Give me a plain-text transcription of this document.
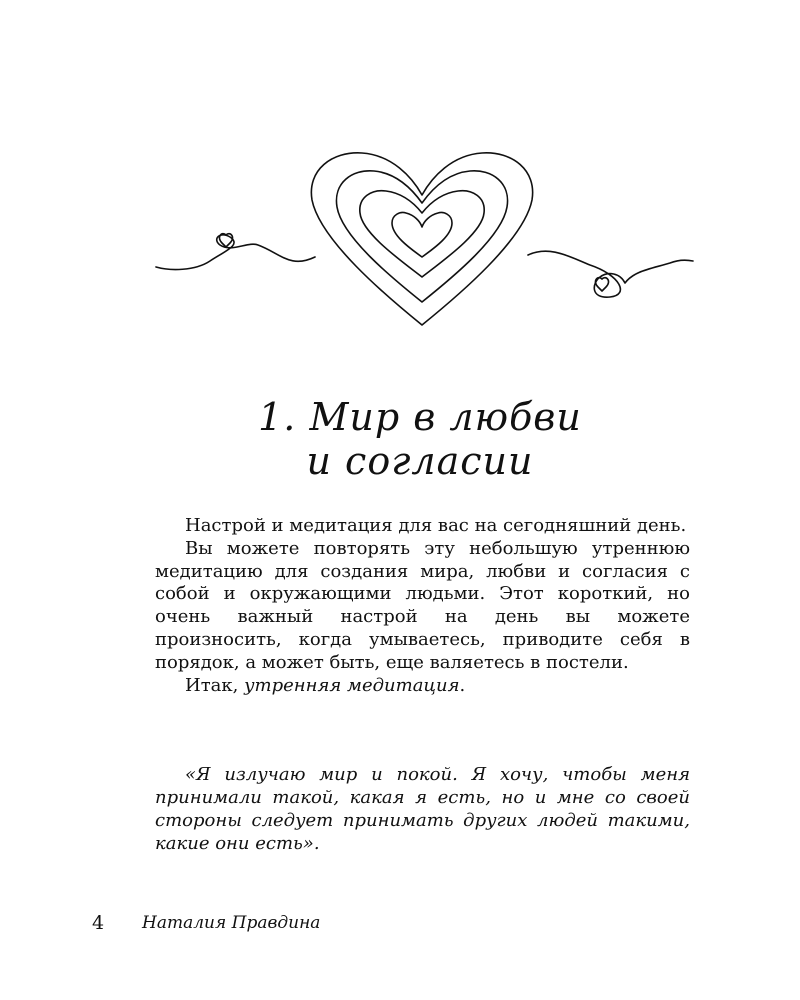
1. Мир в любви
и согласии

Настрой и медитация для вас на сегодняшний день.

Вы можете повторять эту небольшую утреннюю медитацию для создания мира, любви и согласия с собой и окружающими людьми. Этот короткий, но очень важный настрой на день вы можете произносить, когда умываетесь, приводите себя в порядок, а может быть, еще валяетесь в постели.

Итак, утренняя медитация.

«Я излучаю мир и покой. Я хочу, чтобы меня принимали такой, какая я есть, но и мне со своей стороны следует принимать других людей такими, какие они есть».

4 Наталия Правдина
